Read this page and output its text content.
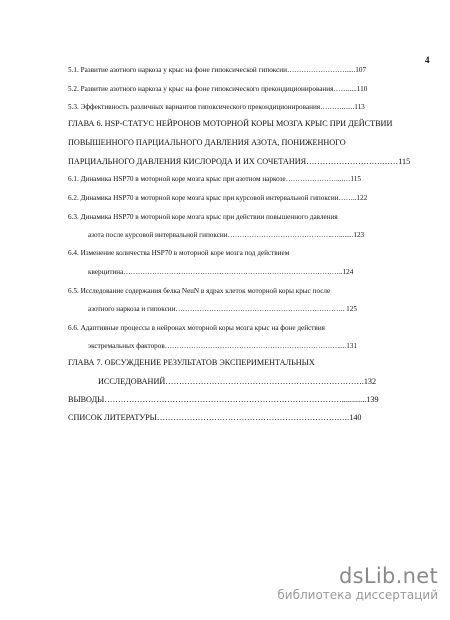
4
5.1. Развитие азотного наркоза у крыс на фоне гипоксической гипоксии……………………......107
5.2. Развитие азотного наркоза у крыс на фоне гипоксического прекондиционирования…….....110
5.3. Эффективность различных вариантов гипоксического прекондиционирования……….......113
ГЛАВА 6. HSP-СТАТУС НЕЙРОНОВ МОТОРНОЙ КОРЫ МОЗГА КРЫС ПРИ ДЕЙСТВИИ
ПОВЫШЕННОГО ПАРЦИАЛЬНОГО ДАВЛЕНИЯ АЗОТА, ПОНИЖЕННОГО
ПАРЦИАЛЬНОГО ДАВЛЕНИЯ КИСЛОРОДА И ИХ СОЧЕТАНИЯ……………………….……115
6.1. Динамика HSP70 в моторной коре мозга крыс при азотном наркозе…………………....…115
6.2. Динамика HSP70 в моторной коре мозга крыс при курсовой интервальной гипоксии……..122
6.3. Динамика HSP70 в моторной коре мозга крыс при действии повышенного давления
азота после курсовой интервальной гипоксии……………………………………..…........123
6.4. Изменение количества HSP70 в моторной коре мозга под действием
кверцитина………………………………………………………………………………..124
6.5. Исследование содержания белка NeuN в ядрах клеток моторной коры крыс после
азотного наркоза и гипоксии…………………………………………………………….. 125
6.6. Адаптивные процессы в нейронах моторной коры мозга крыс на фоне действия
экстремальных факторов……………………………………………………………….....131
ГЛАВА 7. ОБСУЖДЕНИЕ РЕЗУЛЬТАТОВ ЭКСПЕРИМЕНТАЛЬНЫХ
ИССЛЕДОВАНИЙ……………………………………………………………….132
ВЫВОДЫ……………………………………………………………………………............139
СПИСОК ЛИТЕРАТУРЫ………………………………………………………….….140
dsLib.net
библиотека диссертаций
